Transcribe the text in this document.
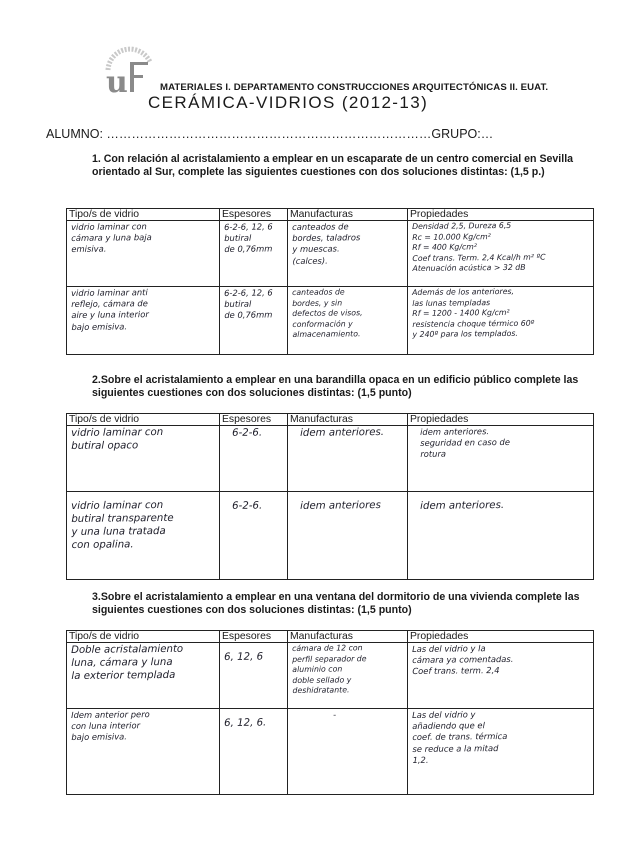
u	MATERIALES I. DEPARTAMENTO CONSTRUCCIONES ARQUITECTÓNICAS II. EUAT.
CERÁMICA-VIDRIOS (2012-13)
ALUMNO: ……………………………………………………………………GRUPO:…
1. Con relación al acristalamiento a emplear en un escaparate de un centro comercial en Sevilla orientado al Sur, complete las siguientes cuestiones con dos soluciones distintas: (1,5 p.)
Tipo/s de vidrio	Espesores	Manufacturas	Propiedades

vidrio laminar con
cámara y luna baja
emisiva.	6-2-6, 12, 6
butiral
de 0,76mm	canteados de
bordes, taladros
y muescas.
(calces).	Densidad 2,5, Dureza 6,5
Rc = 10.000 Kg/cm²
Rf = 400 Kg/cm²
Coef trans. Term. 2,4 Kcal/h m² ºC
Atenuación acústica > 32 dB

vidrio laminar anti
reflejo, cámara de
aire y luna interior
bajo emisiva.	6-2-6, 12, 6
butiral
de 0,76mm	canteados de
bordes, y sin
defectos de visos,
conformación y
almacenamiento.	Además de los anteriores,
las lunas templadas
Rf = 1200 - 1400 Kg/cm²
resistencia choque térmico 60º
y 240º para los templados.
2.Sobre el acristalamiento a emplear en una barandilla opaca en un edificio público complete las siguientes cuestiones con dos soluciones distintas: (1,5 punto)
Tipo/s de vidrio	Espesores	Manufacturas	Propiedades

vidrio laminar con
butiral opaco	6-2-6.	idem anteriores.	idem anteriores.
seguridad en caso de
rotura

vidrio laminar con
butiral transparente
y una luna tratada
con opalina.	6-2-6.	idem anteriores	idem anteriores.
3.Sobre el acristalamiento a emplear en una ventana del dormitorio de una vivienda complete las siguientes cuestiones con dos soluciones distintas: (1,5 punto)
Tipo/s de vidrio	Espesores	Manufacturas	Propiedades

Doble acristalamiento
luna, cámara y luna
la exterior templada	6, 12, 6	cámara de 12 con
perfil separador de
aluminio con
doble sellado y
deshidratante.	Las del vidrio y la
cámara ya comentadas.
Coef trans. term. 2,4

Idem anterior pero
con luna interior
bajo emisiva.	6, 12, 6.	-	Las del vidrio y
añadiendo que el
coef. de trans. térmica
se reduce a la mitad
1,2.
